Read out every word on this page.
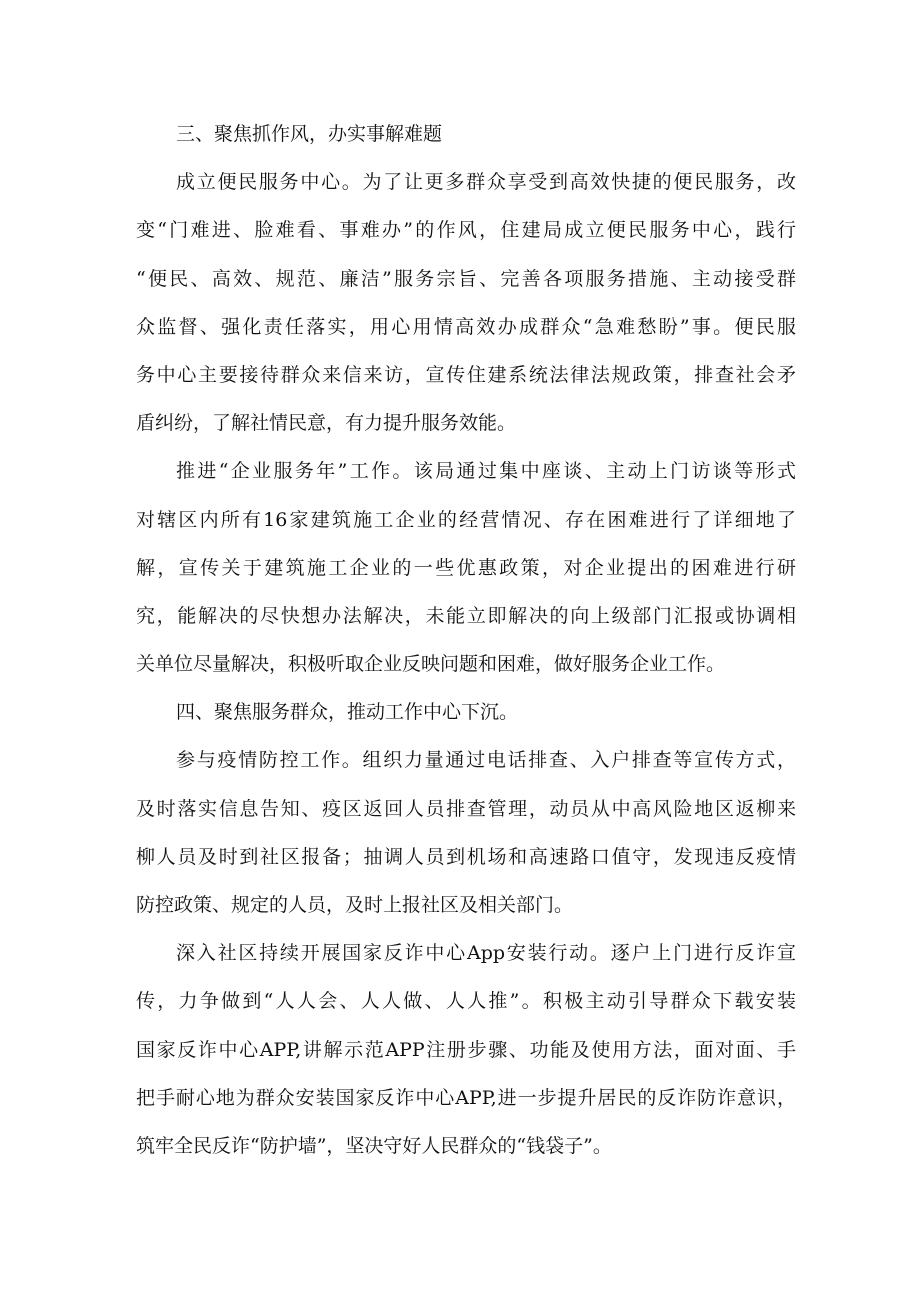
三、聚焦抓作风，办实事解难题
成立便民服务中心。为了让更多群众享受到高效快捷的便民服务，改
变“门难进、脸难看、事难办”的作风，住建局成立便民服务中心，践行
“便民、高效、规范、廉洁”服务宗旨、完善各项服务措施、主动接受群
众监督、强化责任落实，用心用情高效办成群众“急难愁盼”事。便民服
务中心主要接待群众来信来访，宣传住建系统法律法规政策，排查社会矛
盾纠纷，了解社情民意，有力提升服务效能。
推进“企业服务年”工作。该局通过集中座谈、主动上门访谈等形式
对辖区内所有16家建筑施工企业的经营情况、存在困难进行了详细地了
解，宣传关于建筑施工企业的一些优惠政策，对企业提出的困难进行研
究，能解决的尽快想办法解决，未能立即解决的向上级部门汇报或协调相
关单位尽量解决，积极听取企业反映问题和困难，做好服务企业工作。
四、聚焦服务群众，推动工作中心下沉。
参与疫情防控工作。组织力量通过电话排查、入户排查等宣传方式，
及时落实信息告知、疫区返回人员排查管理，动员从中高风险地区返柳来
柳人员及时到社区报备；抽调人员到机场和高速路口值守，发现违反疫情
防控政策、规定的人员，及时上报社区及相关部门。
深入社区持续开展国家反诈中心App安装行动。逐户上门进行反诈宣
传，力争做到“人人会、人人做、人人推”。积极主动引导群众下载安装
国家反诈中心APP,讲解示范APP注册步骤、功能及使用方法，面对面、手
把手耐心地为群众安装国家反诈中心APP,进一步提升居民的反诈防诈意识，
筑牢全民反诈“防护墙”，坚决守好人民群众的“钱袋子”。
